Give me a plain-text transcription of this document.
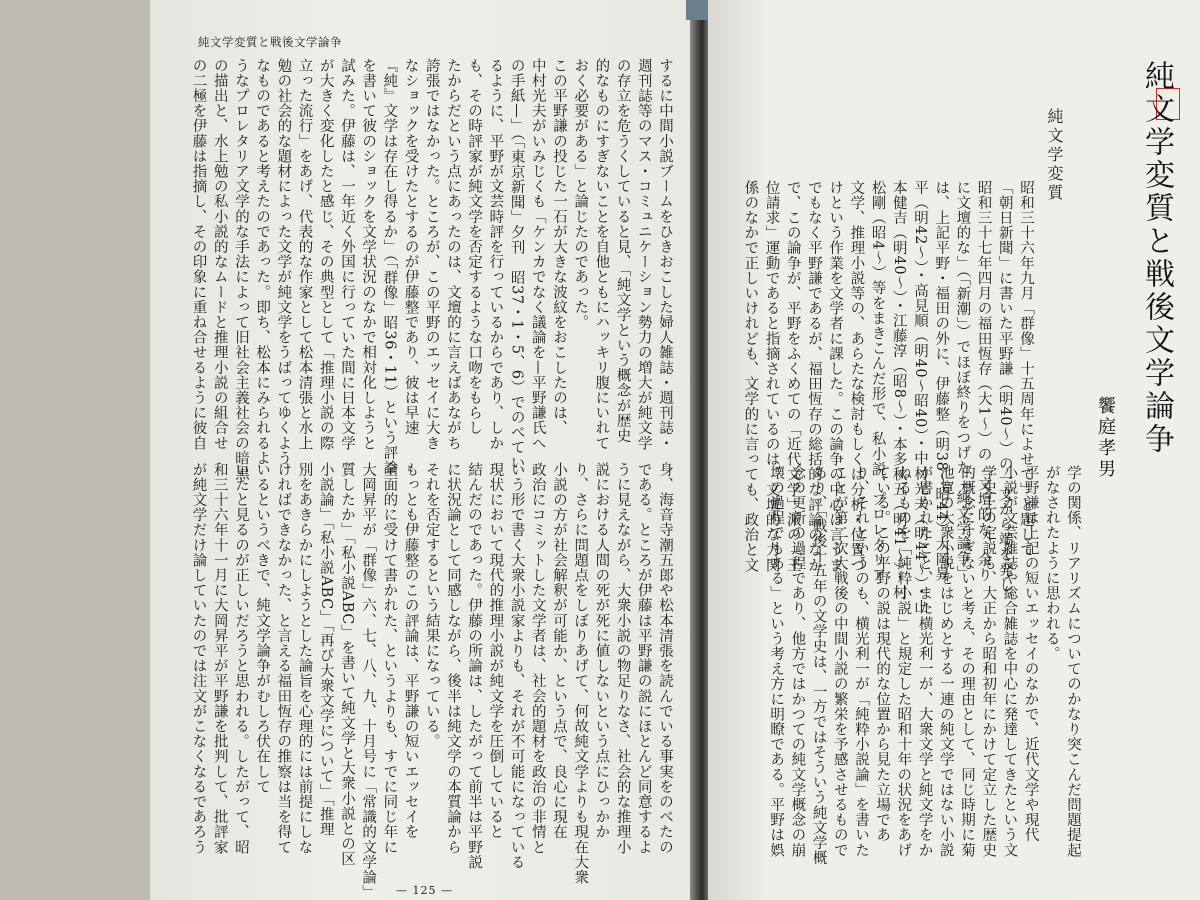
純文学変質と戦後文学論争

するに中間小説ブームをひきおこした婦人雑誌・週刊誌・

週刊誌等のマス・コミュニケーション勢力の増大が純文学

の存立を危うくしていると見、「純文学という概念が歴史

的なものにすぎないことを自他ともにハッキリ腹にいれて

おく必要がある」と論じたのであった。

この平野謙の投じた一石が大きな波紋をおこしたのは、

中村光夫がいみじくも「ケンカでなく議論を—平野謙氏へ

の手紙—」（「東京新聞」夕刊　昭37・1・5、6）でのべてい

るように、平野が文芸時評を行っているからであり、しか

も、その時評家が純文学を否定するような口吻をもらし

たからだという点にあったのは、文壇的に言えばあながち

誇張ではなかった。ところが、この平野のエッセイに大き

なショックを受けたとするのが伊藤整であり、彼は早速

『純』文学は存在し得るか」（「群像」昭36・11）という評論

を書いて彼のショックを文学状況のなかで相対化しようと

試みた。伊藤は、一年近く外国に行っていた間に日本文学

が大きく変化したと感じ、その典型として「推理小説の際

立った流行」をあげ、代表的な作家として松本清張と水上

勉の社会的な題材によった文学が純文学をうばってゆくよう

なものであると考えたのであった。即ち、松本にみられるよ

うなプロレタリア文学的な手法によって旧社会主義社会の暗黒

の描出と、水上勉の私小説的なムードと推理小説の組合せ

の二極を伊藤は指摘し、その印象に重ね合せるように彼自

身、海音寺潮五郎や松本清張を読んでいる事実をのべたの

である。ところが伊藤は平野謙の説にほとんど同意するよ

うに見えながら、大衆小説の物足りなさ、社会的な推理小

説における人間の死が死に値しないという点にひっかか

り、さらに問題点をしぼりあげて、何故純文学よりも現在大衆

小説の方が社会解釈が可能か、という点で、良心に現在

政治にコミットした文学者は、社会的題材を政治の非情と

いう形で書く大衆小説家よりも、それが不可能になっている

現状において現代的推理小説が純文学を圧倒していると

結んだのであった。伊藤の所論は、したがって前半は平野説

に状況論として同感しながら、後半は純文学の本質論から

それを否定するという結果になっている。

もっとも伊藤整のこの評論は、平野謙の短いエッセイを

全面的に受けて書かれた、というよりも、すでに同じ年に

大岡昇平が「群像」六、七、八、九、十月号に「常識的文学論」

質したか」「私小説ABC」を書いて純文学と大衆小説との区

小説論」「私小説ABC」「再び大衆文学について」「推理

別をあきらかにしようとした論旨を心理的には前提にしな

ければできなかった、と言える福田恆存の推察は当を得て

いるというべきで、純文学論争がむしろ伏在して

いたと見るのが正しいだろうと思われる。したがって、昭

和三十六年十一月に大岡昇平が平野謙を批判して、批評家

が純文学だけ論していたのでは注文がこなくなるであろう

— 125 —
純文学変質と戦後文学論争
饗庭孝男
純文学変質

昭和三十六年九月「群像」十五周年によせて」と題して

「朝日新聞」に書いた平野謙（明40〜）の一文から端を発し、

昭和三十七年四月の福田恆存（大1〜）の「文壇的な、余り

に文壇的な」（「新潮」）でほぼ終りをつげた「純文学論争」

は、上記平野・福田の外に、伊藤整（明38〜昭44）大岡昇

平（明42〜）・高見順（明40〜昭40）・中村光夫（明44〜）・山

本健吉（明40〜）・江藤淳（昭8〜）・本多秋五（明41〜）・村

松剛（昭4〜）等をまきこんだ形で、私小説、プロレタリア

文学、推理小説等の、あらたな検討もしくは分析・位置づ

けという作業を文学者に課した。この論争の中心は言うま

でもなく平野謙であるが、福田恆存の総括的な評論のなか

で、この論争が、平野をふくめての「近代文学」派の「王

位請求」運動であると指摘されているのは、文壇的な力関

係のなかで正しいけれども、文学的に言っても、政治と文

学の関係、リアリズムについてのかなり突こんだ問題提起

がなされたように思われる。

平野謙は上記の短いエッセイのなかで、近代文学や現代

小説が文芸雑誌や総合雑誌を中心に発達してきたという文

学史上の定説も、大正から昭和初年にかけて定立した歴史

的概念にすぎないと考え、その理由として、同じ時期に菊

池寛の大衆小説をはじめとする一連の純文学ではない小説

が書かれたこと、また横光利一が、大衆文学と純文学をか

ねるものを「純粋小説」と規定した昭和十年の状況をあげ

ている。この平野の説は現代的な位置から見た立場であ

り、それというのも、横光利一が「純粋小説論」を書いた

ことが第二次大戦後の中間小説の繁栄を予感させるもので

あり、「戦後十五年の文学史は、一方ではそういう純文学概

念の更新の過程であり、他方ではかつての純文学概念の崩

壊の過程でもある」という考え方に明瞭である。平野は娯
